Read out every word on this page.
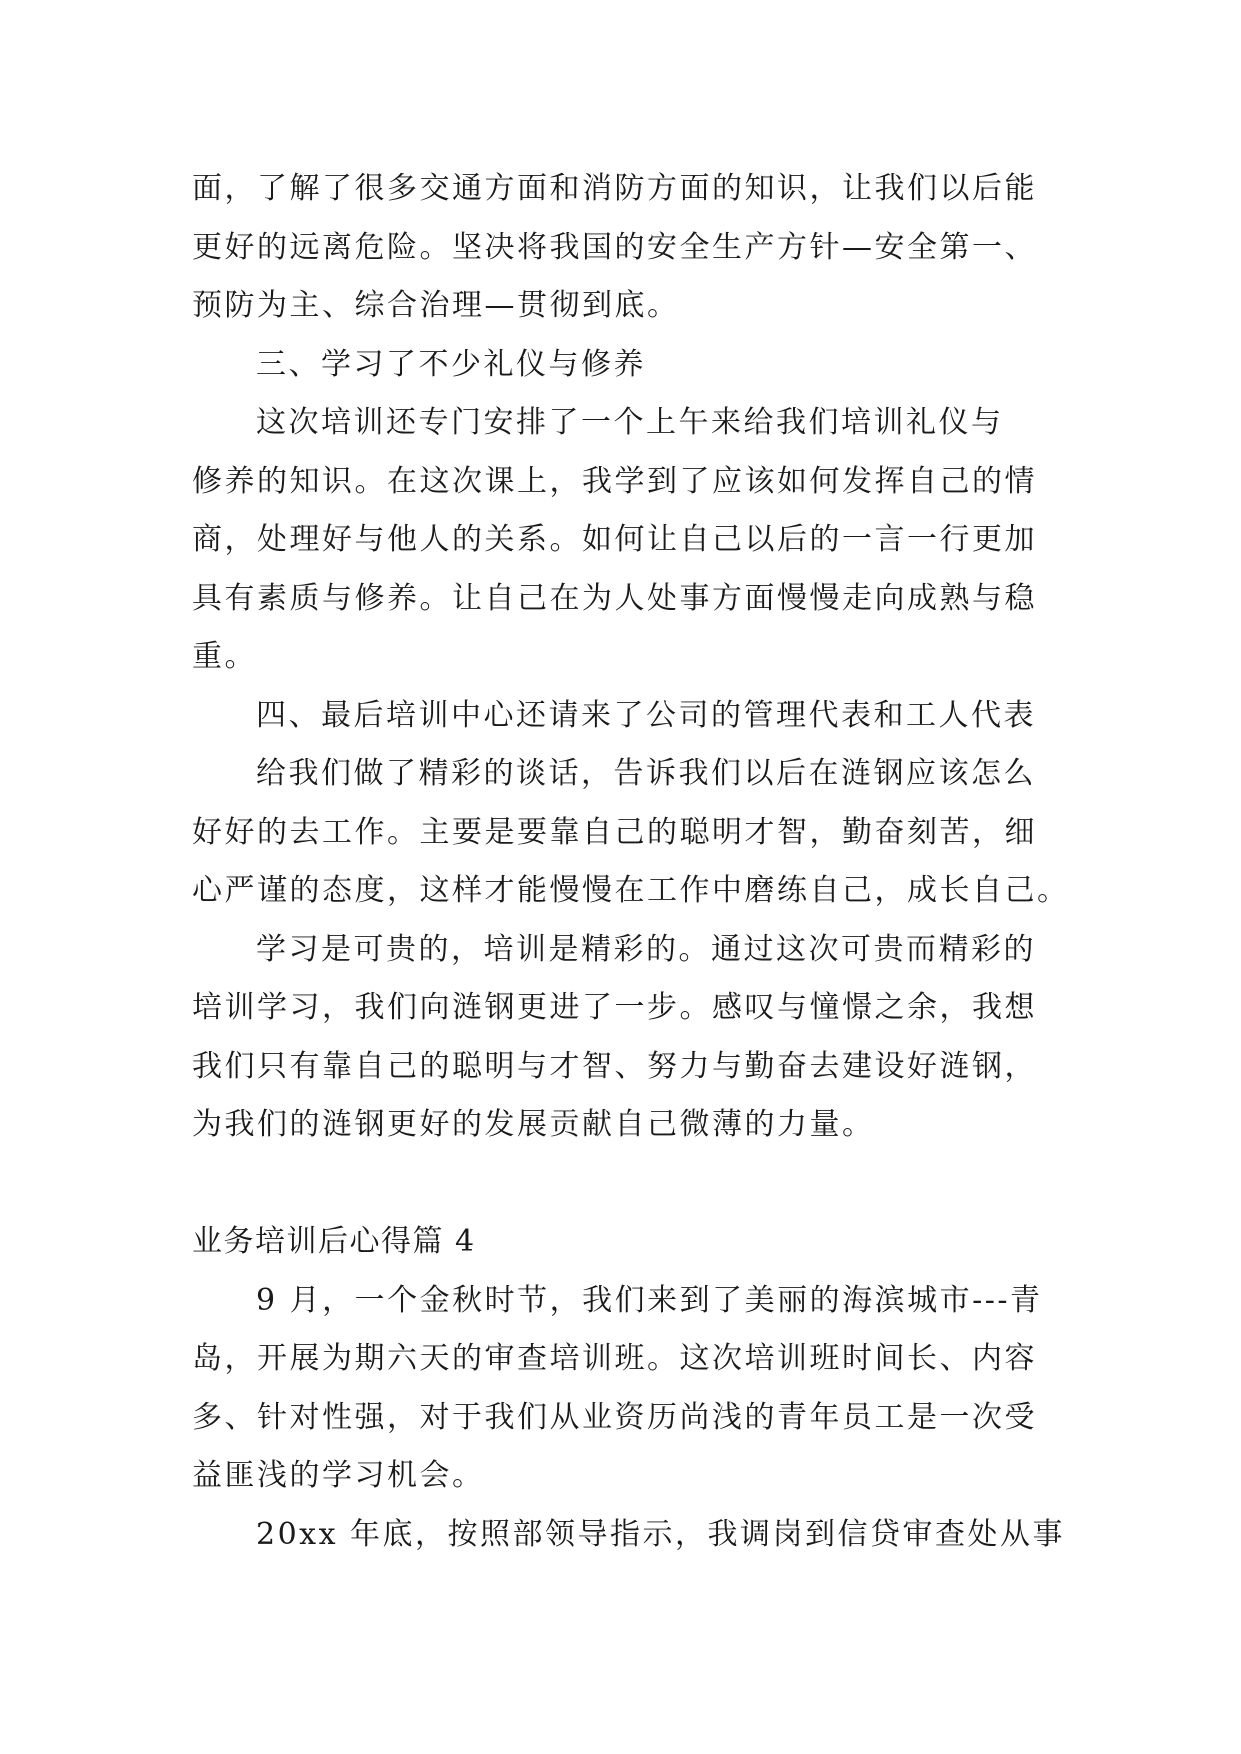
面，了解了很多交通方面和消防方面的知识，让我们以后能
更好的远离危险。坚决将我国的安全生产方针—安全第一、
预防为主、综合治理—贯彻到底。
三、学习了不少礼仪与修养
这次培训还专门安排了一个上午来给我们培训礼仪与
修养的知识。在这次课上，我学到了应该如何发挥自己的情
商，处理好与他人的关系。如何让自己以后的一言一行更加
具有素质与修养。让自己在为人处事方面慢慢走向成熟与稳
重。
四、最后培训中心还请来了公司的管理代表和工人代表
给我们做了精彩的谈话，告诉我们以后在涟钢应该怎么
好好的去工作。主要是要靠自己的聪明才智，勤奋刻苦，细
心严谨的态度，这样才能慢慢在工作中磨练自己，成长自己。
学习是可贵的，培训是精彩的。通过这次可贵而精彩的
培训学习，我们向涟钢更进了一步。感叹与憧憬之余，我想
我们只有靠自己的聪明与才智、努力与勤奋去建设好涟钢，
为我们的涟钢更好的发展贡献自己微薄的力量。
业务培训后心得篇 4
9 月，一个金秋时节，我们来到了美丽的海滨城市---青
岛，开展为期六天的审查培训班。这次培训班时间长、内容
多、针对性强，对于我们从业资历尚浅的青年员工是一次受
益匪浅的学习机会。
20xx 年底，按照部领导指示，我调岗到信贷审查处从事
